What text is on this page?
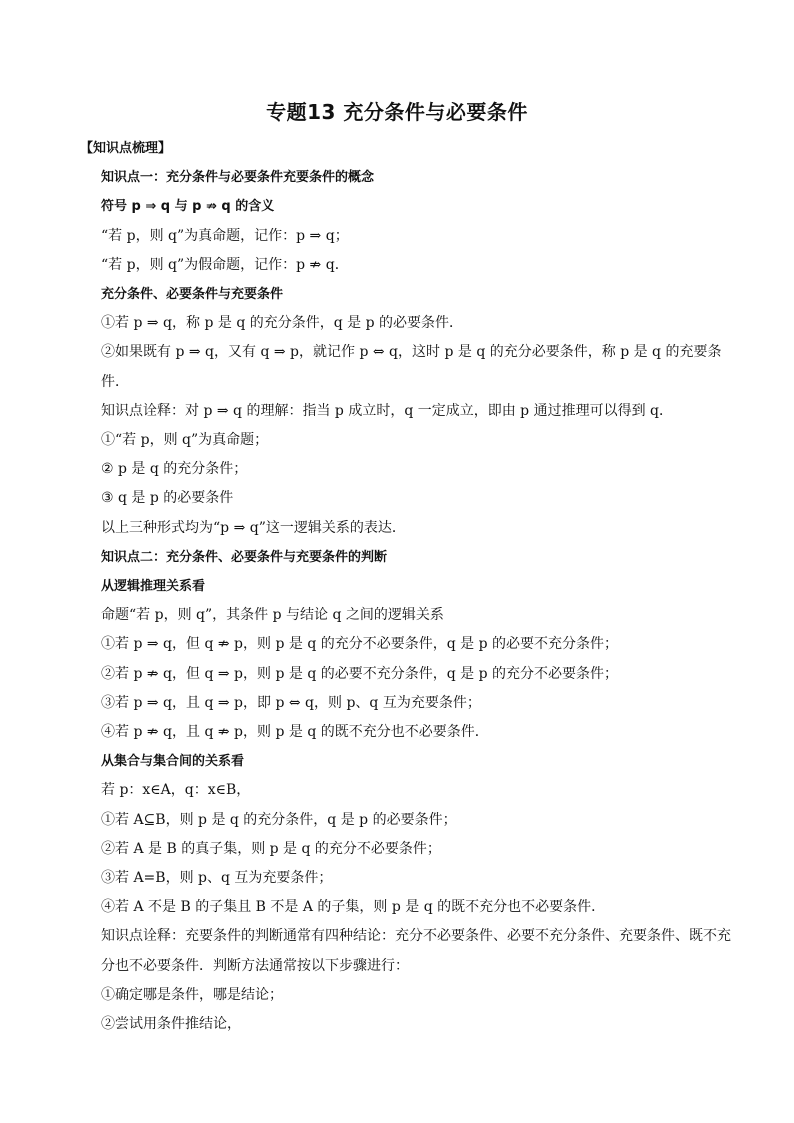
专题13 充分条件与必要条件
【知识点梳理】
知识点一：充分条件与必要条件充要条件的概念
符号 p ⇒ q 与 p ⇏ q 的含义
“若 p，则 q”为真命题，记作：p ⇒ q；
“若 p，则 q”为假命题，记作：p ⇏ q．
充分条件、必要条件与充要条件
①若 p ⇒ q，称 p 是 q 的充分条件，q 是 p 的必要条件．
②如果既有 p ⇒ q，又有 q ⇒ p，就记作 p ⇔ q，这时 p 是 q 的充分必要条件，称 p 是 q 的充要条件．
知识点诠释：对 p ⇒ q 的理解：指当 p 成立时，q 一定成立，即由 p 通过推理可以得到 q．
①“若 p，则 q”为真命题；
② p 是 q 的充分条件；
③ q 是 p 的必要条件
以上三种形式均为“p ⇒ q”这一逻辑关系的表达．
知识点二：充分条件、必要条件与充要条件的判断
从逻辑推理关系看
命题“若 p，则 q”，其条件 p 与结论 q 之间的逻辑关系
①若 p ⇒ q，但 q ⇏ p，则 p 是 q 的充分不必要条件，q 是 p 的必要不充分条件；
②若 p ⇏ q，但 q ⇒ p，则 p 是 q 的必要不充分条件，q 是 p 的充分不必要条件；
③若 p ⇒ q，且 q ⇒ p，即 p ⇔ q，则 p、q 互为充要条件；
④若 p ⇏ q，且 q ⇏ p，则 p 是 q 的既不充分也不必要条件．
从集合与集合间的关系看
若 p：x∈A，q：x∈B，
①若 A⊆B，则 p 是 q 的充分条件，q 是 p 的必要条件；
②若 A 是 B 的真子集，则 p 是 q 的充分不必要条件；
③若 A=B，则 p、q 互为充要条件；
④若 A 不是 B 的子集且 B 不是 A 的子集，则 p 是 q 的既不充分也不必要条件．
知识点诠释：充要条件的判断通常有四种结论：充分不必要条件、必要不充分条件、充要条件、既不充分也不必要条件．判断方法通常按以下步骤进行：
①确定哪是条件，哪是结论；
②尝试用条件推结论，
